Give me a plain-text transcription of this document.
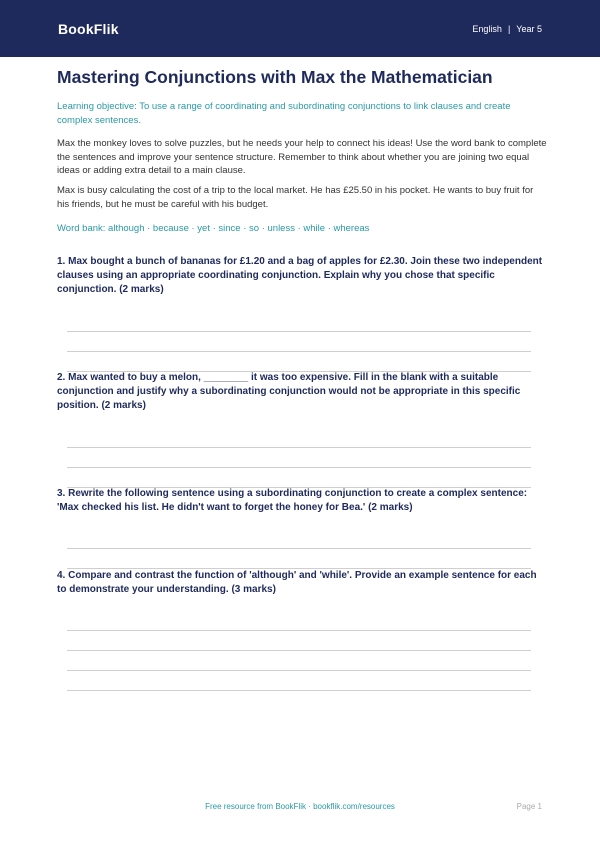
BookFlik	English | Year 5
Mastering Conjunctions with Max the Mathematician
Learning objective: To use a range of coordinating and subordinating conjunctions to link clauses and create complex sentences.
Max the monkey loves to solve puzzles, but he needs your help to connect his ideas! Use the word bank to complete the sentences and improve your sentence structure. Remember to think about whether you are joining two equal ideas or adding extra detail to a main clause.
Max is busy calculating the cost of a trip to the local market. He has £25.50 in his pocket. He wants to buy fruit for his friends, but he must be careful with his budget.
Word bank: although · because · yet · since · so · unless · while · whereas
1. Max bought a bunch of bananas for £1.20 and a bag of apples for £2.30. Join these two independent clauses using an appropriate coordinating conjunction. Explain why you chose that specific conjunction. (2 marks)
2. Max wanted to buy a melon, ________ it was too expensive. Fill in the blank with a suitable conjunction and justify why a subordinating conjunction would not be appropriate in this specific position. (2 marks)
3. Rewrite the following sentence using a subordinating conjunction to create a complex sentence: 'Max checked his list. He didn't want to forget the honey for Bea.' (2 marks)
4. Compare and contrast the function of 'although' and 'while'. Provide an example sentence for each to demonstrate your understanding. (3 marks)
Free resource from BookFlik · bookflik.com/resources	Page 1
